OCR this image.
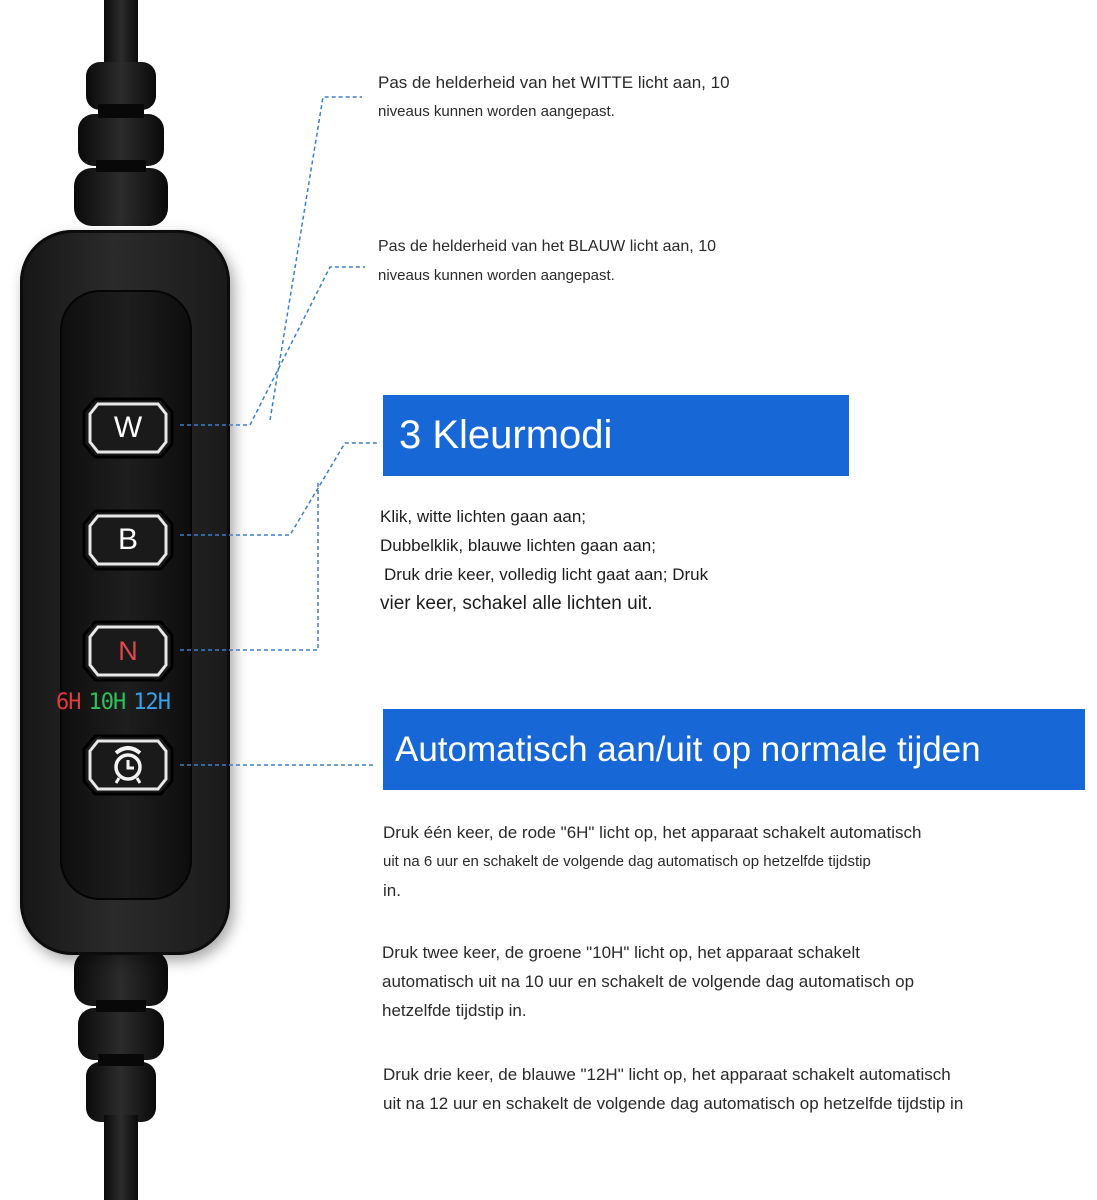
W
B
N
6H 10H 12H
Pas de helderheid van het WITTE licht aan, 10
niveaus kunnen worden aangepast.
Pas de helderheid van het BLAUW licht aan, 10
niveaus kunnen worden aangepast.
3 Kleurmodi
Klik, witte lichten gaan aan;
Dubbelklik, blauwe lichten gaan aan;
Druk drie keer, volledig licht gaat aan; Druk
vier keer, schakel alle lichten uit.
Automatisch aan/uit op normale tijden
Druk één keer, de rode "6H" licht op, het apparaat schakelt automatisch
uit na 6 uur en schakelt de volgende dag automatisch op hetzelfde tijdstip
in.
Druk twee keer, de groene "10H" licht op, het apparaat schakelt
automatisch uit na 10 uur en schakelt de volgende dag automatisch op
hetzelfde tijdstip in.
Druk drie keer, de blauwe "12H" licht op, het apparaat schakelt automatisch
uit na 12 uur en schakelt de volgende dag automatisch op hetzelfde tijdstip in
